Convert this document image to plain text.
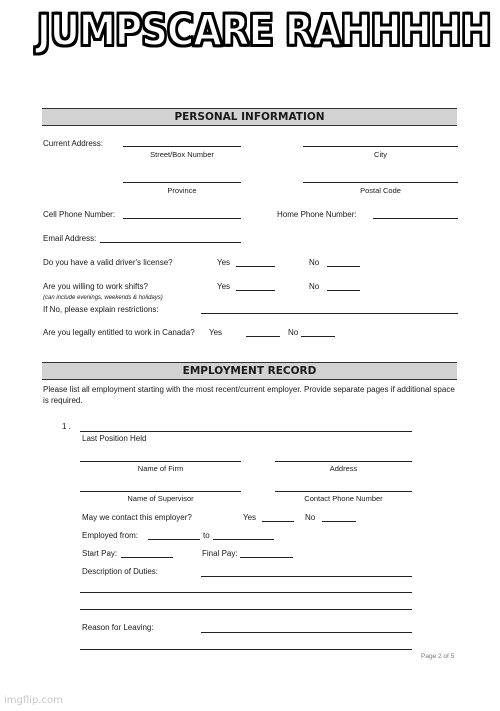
JUMPSCARE RAHHHHH
PERSONAL INFORMATION
Current Address:
Street/Box Number	City
Province	Postal Code
Cell Phone Number:	Home Phone Number:
Email Address:
Do you have a valid driver's license?	Yes	No
Are you willing to work shifts?	Yes	No
(can include evenings, weekends & holidays)
If No, please explain restrictions:
Are you legally entitled to work in Canada? Yes	No
EMPLOYMENT RECORD
Please list all employment starting with the most recent/current employer. Provide separate pages if additional space is required.
1 .
Last Position Held
Name of Firm	Address
Name of Supervisor	Contact Phone Number
May we contact this employer?	Yes	No
Employed from:	to
Start Pay:	Final Pay:
Description of Duties:
Reason for Leaving:
Page 2 of 5
imgflip.com
